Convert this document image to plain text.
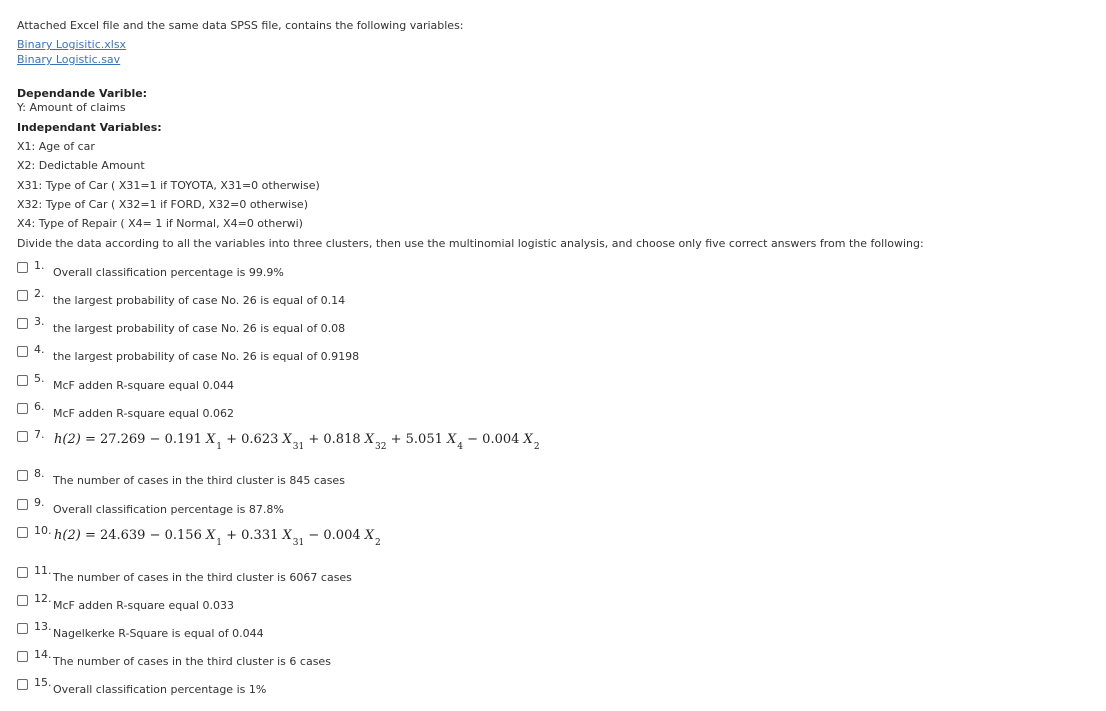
Attached Excel file and the same data SPSS file, contains the following variables:
Binary Logisitic.xlsx
Binary Logistic.sav
Dependande Varible:
Y: Amount of claims
Independant Variables:
X1: Age of car
X2: Dedictable Amount
X31: Type of Car ( X31=1 if TOYOTA, X31=0 otherwise)
X32: Type of Car ( X32=1 if FORD, X32=0 otherwise)
X4: Type of Repair ( X4= 1 if Normal, X4=0 otherwi)
Divide the data according to all the variables into three clusters, then use the multinomial logistic analysis, and choose only five correct answers from the following:
1.
Overall classification percentage is 99.9%
2.
the largest probability of case No. 26 is equal of 0.14
3.
the largest probability of case No. 26 is equal of 0.08
4.
the largest probability of case No. 26 is equal of 0.9198
5.
McF adden R-square equal 0.044
6.
McF adden R-square equal 0.062
7. h(2) = 27.269 − 0.191 $X_1 + 0.623$ $X_{31} + 0.818$ $X_{32} + 5.051$ $X_4 - 0.004$ $X_2$
8.
The number of cases in the third cluster is 845 cases
9.
Overall classification percentage is 87.8%
10. h(2) = 24.639 − 0.156 $X_1 + 0.331$ $X_{31} - 0.004$ $X_2$
11.
The number of cases in the third cluster is 6067 cases
12.
McF adden R-square equal 0.033
13.
Nagelkerke R-Square is equal of 0.044
14.
The number of cases in the third cluster is 6 cases
15.
Overall classification percentage is 1%
